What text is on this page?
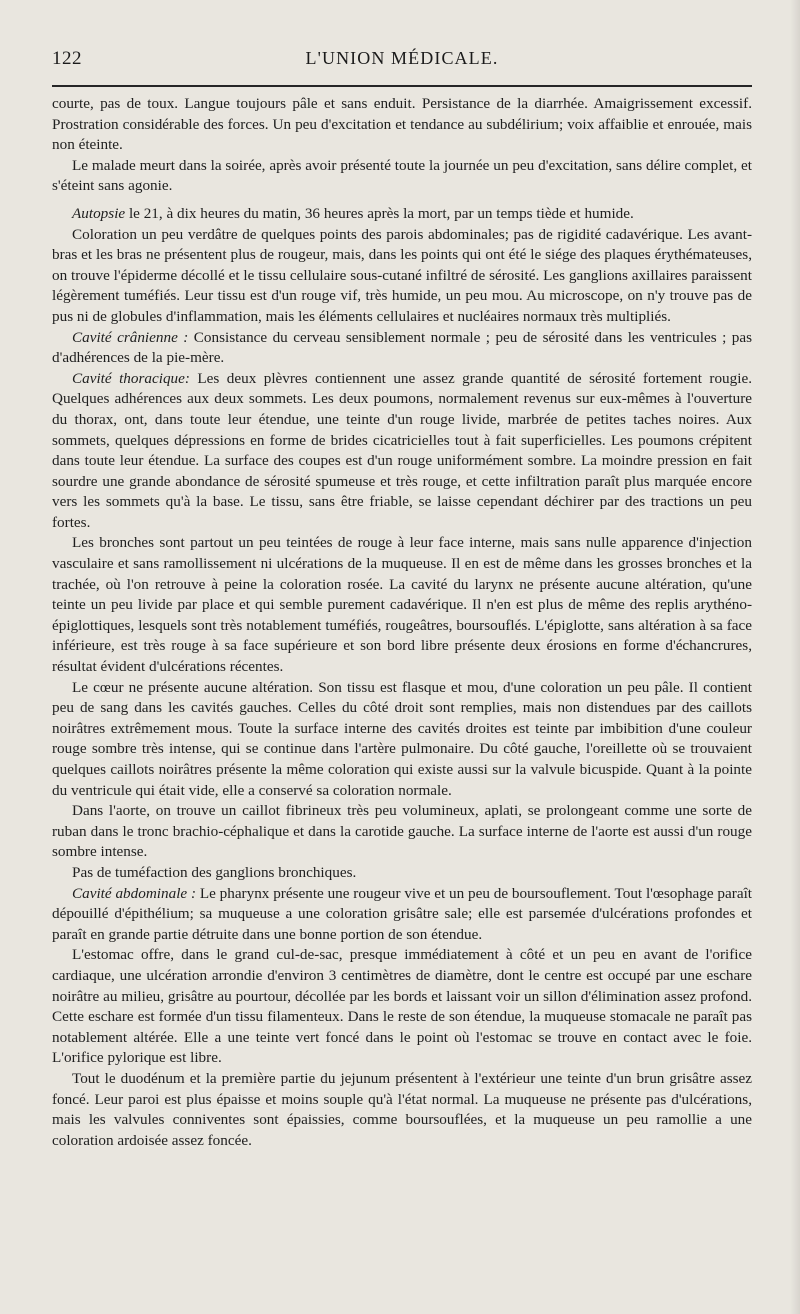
122	L'UNION MÉDICALE.

courte, pas de toux. Langue toujours pâle et sans enduit. Persistance de la diarrhée. Amaigrissement excessif. Prostration considérable des forces. Un peu d'excitation et tendance au subdélirium; voix affaiblie et enrouée, mais non éteinte.

Le malade meurt dans la soirée, après avoir présenté toute la journée un peu d'excitation, sans délire complet, et s'éteint sans agonie.

Autopsie le 21, à dix heures du matin, 36 heures après la mort, par un temps tiède et humide.

Coloration un peu verdâtre de quelques points des parois abdominales; pas de rigidité cadavérique. Les avant-bras et les bras ne présentent plus de rougeur, mais, dans les points qui ont été le siége des plaques érythémateuses, on trouve l'épiderme décollé et le tissu cellulaire sous-cutané infiltré de sérosité. Les ganglions axillaires paraissent légèrement tuméfiés. Leur tissu est d'un rouge vif, très humide, un peu mou. Au microscope, on n'y trouve pas de pus ni de globules d'inflammation, mais les éléments cellulaires et nucléaires normaux très multipliés.

Cavité crânienne : Consistance du cerveau sensiblement normale ; peu de sérosité dans les ventricules ; pas d'adhérences de la pie-mère.

Cavité thoracique: Les deux plèvres contiennent une assez grande quantité de sérosité fortement rougie. Quelques adhérences aux deux sommets. Les deux poumons, normalement revenus sur eux-mêmes à l'ouverture du thorax, ont, dans toute leur étendue, une teinte d'un rouge livide, marbrée de petites taches noires. Aux sommets, quelques dépressions en forme de brides cicatricielles tout à fait superficielles. Les poumons crépitent dans toute leur étendue. La surface des coupes est d'un rouge uniformément sombre. La moindre pression en fait sourdre une grande abondance de sérosité spumeuse et très rouge, et cette infiltration paraît plus marquée encore vers les sommets qu'à la base. Le tissu, sans être friable, se laisse cependant déchirer par des tractions un peu fortes.

Les bronches sont partout un peu teintées de rouge à leur face interne, mais sans nulle apparence d'injection vasculaire et sans ramollissement ni ulcérations de la muqueuse. Il en est de même dans les grosses bronches et la trachée, où l'on retrouve à peine la coloration rosée. La cavité du larynx ne présente aucune altération, qu'une teinte un peu livide par place et qui semble purement cadavérique. Il n'en est plus de même des replis arythéno-épiglottiques, lesquels sont très notablement tuméfiés, rougeâtres, boursouflés. L'épiglotte, sans altération à sa face inférieure, est très rouge à sa face supérieure et son bord libre présente deux érosions en forme d'échancrures, résultat évident d'ulcérations récentes.

Le cœur ne présente aucune altération. Son tissu est flasque et mou, d'une coloration un peu pâle. Il contient peu de sang dans les cavités gauches. Celles du côté droit sont remplies, mais non distendues par des caillots noirâtres extrêmement mous. Toute la surface interne des cavités droites est teinte par imbibition d'une couleur rouge sombre très intense, qui se continue dans l'artère pulmonaire. Du côté gauche, l'oreillette où se trouvaient quelques caillots noirâtres présente la même coloration qui existe aussi sur la valvule bicuspide. Quant à la pointe du ventricule qui était vide, elle a conservé sa coloration normale.

Dans l'aorte, on trouve un caillot fibrineux très peu volumineux, aplati, se prolongeant comme une sorte de ruban dans le tronc brachio-céphalique et dans la carotide gauche. La surface interne de l'aorte est aussi d'un rouge sombre intense.

Pas de tuméfaction des ganglions bronchiques.

Cavité abdominale : Le pharynx présente une rougeur vive et un peu de boursouflement. Tout l'œsophage paraît dépouillé d'épithélium; sa muqueuse a une coloration grisâtre sale; elle est parsemée d'ulcérations profondes et paraît en grande partie détruite dans une bonne portion de son étendue.

L'estomac offre, dans le grand cul-de-sac, presque immédiatement à côté et un peu en avant de l'orifice cardiaque, une ulcération arrondie d'environ 3 centimètres de diamètre, dont le centre est occupé par une eschare noirâtre au milieu, grisâtre au pourtour, décollée par les bords et laissant voir un sillon d'élimination assez profond. Cette eschare est formée d'un tissu filamenteux. Dans le reste de son étendue, la muqueuse stomacale ne paraît pas notablement altérée. Elle a une teinte vert foncé dans le point où l'estomac se trouve en contact avec le foie. L'orifice pylorique est libre.

Tout le duodénum et la première partie du jejunum présentent à l'extérieur une teinte d'un brun grisâtre assez foncé. Leur paroi est plus épaisse et moins souple qu'à l'état normal. La muqueuse ne présente pas d'ulcérations, mais les valvules conniventes sont épaissies, comme boursouflées, et la muqueuse un peu ramollie a une coloration ardoisée assez foncée.
